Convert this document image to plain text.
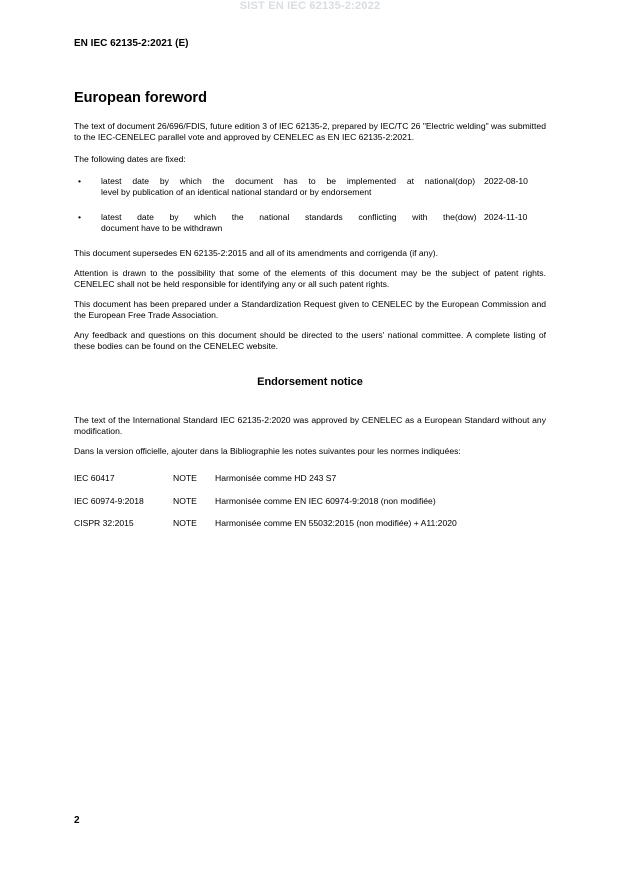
SIST EN IEC 62135-2:2022
EN IEC 62135-2:2021 (E)
European foreword

The text of document 26/696/FDIS, future edition 3 of IEC 62135-2, prepared by IEC/TC 26 "Electric welding" was submitted to the IEC-CENELEC parallel vote and approved by CENELEC as EN IEC 62135-2:2021.

The following dates are fixed:

• latest date by which the document has to be implemented at national
level by publication of an identical national standard or by endorsement
(dop) 2022-08-10
• latest date by which the national standards conflicting with the
document have to be withdrawn
(dow) 2024-11-10

This document supersedes EN 62135-2:2015 and all of its amendments and corrigenda (if any).

Attention is drawn to the possibility that some of the elements of this document may be the subject of patent rights. CENELEC shall not be held responsible for identifying any or all such patent rights.

This document has been prepared under a Standardization Request given to CENELEC by the European Commission and the European Free Trade Association.

Any feedback and questions on this document should be directed to the users' national committee. A complete listing of these bodies can be found on the CENELEC website.

Endorsement notice

The text of the International Standard IEC 62135-2:2020 was approved by CENELEC as a European Standard without any modification.

Dans la version officielle, ajouter dans la Bibliographie les notes suivantes pour les normes indiquées:

IEC 60417	NOTE Harmonisée comme HD 243 S7
IEC 60974-9:2018	NOTE Harmonisée comme EN IEC 60974-9:2018 (non modifiée)
CISPR 32:2015	NOTE Harmonisée comme EN 55032:2015 (non modifiée) + A11:2020
2
